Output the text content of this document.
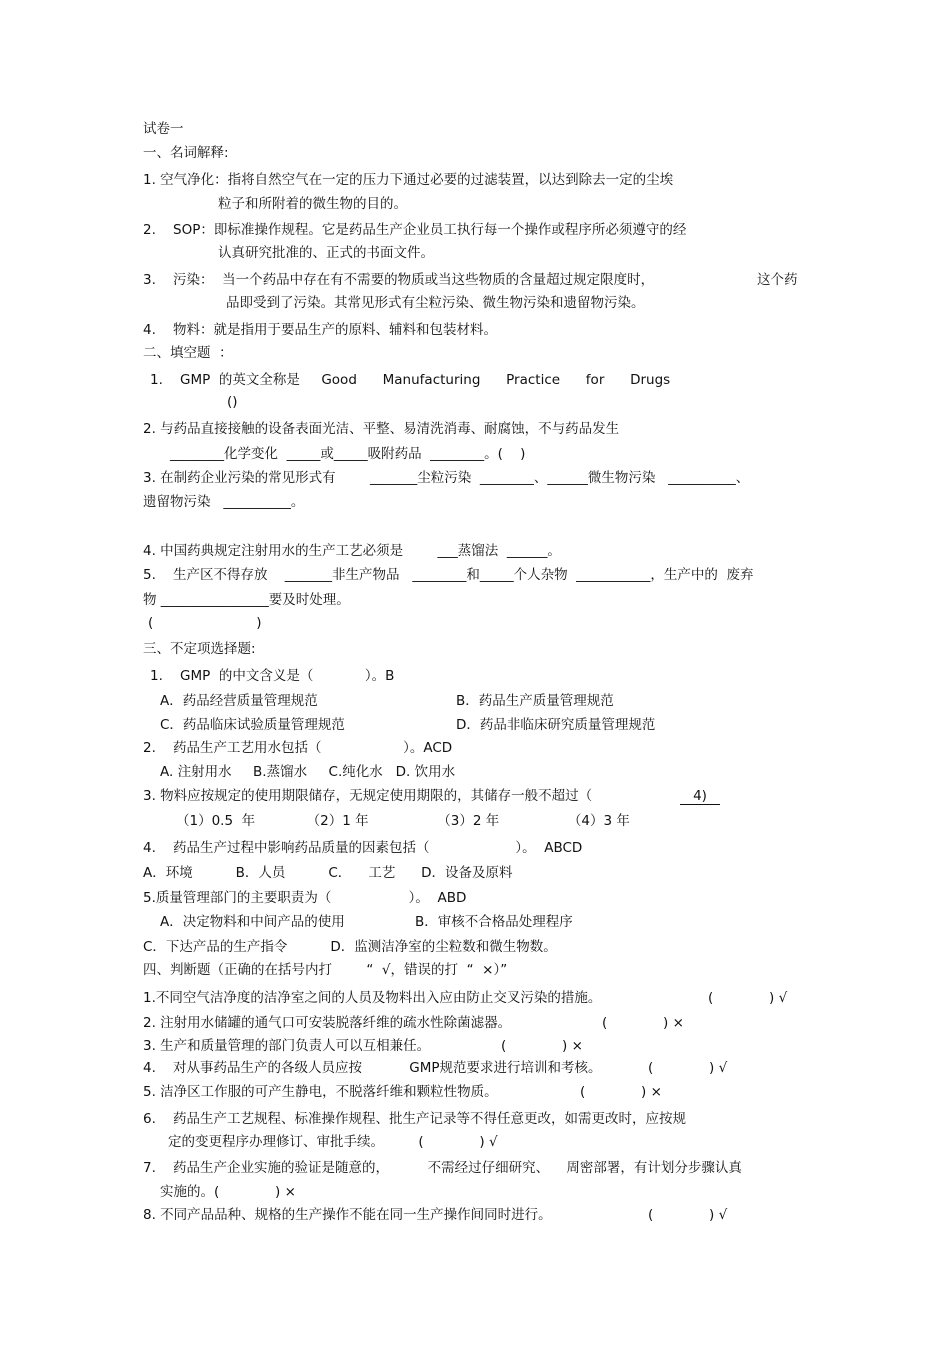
试卷一
一、名词解释:
1. 空气净化：指将自然空气在一定的压力下通过必要的过滤装置，以达到除去一定的尘埃
粒子和所附着的微生物的目的。
2.    SOP：即标准操作规程。它是药品生产企业员工执行每一个操作或程序所必须遵守的经
认真研究批准的、正式的书面文件。
3.    污染：  当一个药品中存在有不需要的物质或当这些物质的含量超过规定限度时，	这个药
品即受到了污染。其常见形式有尘粒污染、微生物污染和遗留物污染。
4.    物料：就是指用于要品生产的原料、辅料和包装材料。
二、填空题  ：
1.    GMP  的英文全称是     Good      Manufacturing      Practice      for      Drugs
()
2. 与药品直接接触的设备表面光洁、平整、易清洗消毒、耐腐蚀，不与药品发生
________化学变化  _____或_____吸附药品  ________。(    )
3. 在制药企业污染的常见形式有        _______尘粒污染  ________、______微生物污染   __________、
遗留物污染   __________。
4. 中国药典规定注射用水的生产工艺必须是        ___蒸馏法  ______。
5.    生产区不得存放    _______非生产物品   ________和_____个人杂物  ___________，生产中的  废弃
物 ________________要及时处理。
(                        )
三、不定项选择题:
1.    GMP  的中文含义是（            ）。B
A．药品经营质量管理规范	B．药品生产质量管理规范
C．药品临床试验质量管理规范	D．药品非临床研究质量管理规范
2.    药品生产工艺用水包括（                   ）。ACD
A. 注射用水     B.蒸馏水     C.纯化水   D. 饮用水
3. 物料应按规定的使用期限储存，无规定使用期限的，其储存一般不超过（	4)
（1）0.5  年            （2）1 年                （3）2 年                （4）3 年
4.    药品生产过程中影响药品质量的因素包括（                    ）。  ABCD
A．环境          B．人员          C．    工艺      D．设备及原料
5.质量管理部门的主要职责为（                  ）。  ABD
A．决定物料和中间产品的使用	B．审核不合格品处理程序
C．下达产品的生产指令          D．监测洁净室的尘粒数和微生物数。
四、判断题（正确的在括号内打        “  √，错误的打  “  ×）”
1.不同空气洁净度的洁净室之间的人员及物料出入应由防止交叉污染的措施。	(             ) √
2. 注射用水储罐的通气口可安装脱落纤维的疏水性除菌滤器。	(             ) ×
3. 生产和质量管理的部门负责人可以互相兼任。	(             ) ×
4.    对从事药品生产的各级人员应按           GMP规范要求进行培训和考核。	(             ) √
5. 洁净区工作服的可产生静电，不脱落纤维和颗粒性物质。	(             ) ×
6.    药品生产工艺规程、标准操作规程、批生产记录等不得任意更改，如需更改时，应按规
定的变更程序办理修订、审批手续。        (             ) √
7.    药品生产企业实施的验证是随意的，         不需经过仔细研究、    周密部署，有计划分步骤认真
实施的。(             ) ×
8. 不同产品品种、规格的生产操作不能在同一生产操作间同时进行。	(             ) √
